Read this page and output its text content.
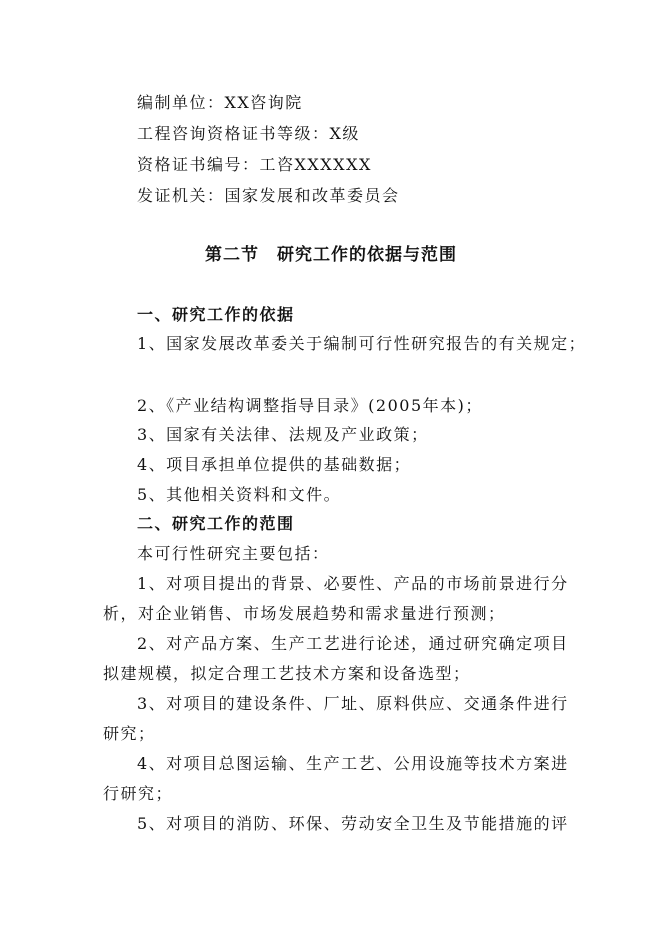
编制单位：XX咨询院
工程咨询资格证书等级：X级
资格证书编号：工咨XXXXXX
发证机关：国家发展和改革委员会
第二节　研究工作的依据与范围
一、研究工作的依据
1、国家发展改革委关于编制可行性研究报告的有关规定；
2、《产业结构调整指导目录》(2005年本)；
3、国家有关法律、法规及产业政策；
4、项目承担单位提供的基础数据；
5、其他相关资料和文件。
二、研究工作的范围
本可行性研究主要包括：
1、对项目提出的背景、必要性、产品的市场前景进行分
析，对企业销售、市场发展趋势和需求量进行预测；
2、对产品方案、生产工艺进行论述，通过研究确定项目
拟建规模，拟定合理工艺技术方案和设备选型；
3、对项目的建设条件、厂址、原料供应、交通条件进行
研究；
4、对项目总图运输、生产工艺、公用设施等技术方案进
行研究；
5、对项目的消防、环保、劳动安全卫生及节能措施的评
